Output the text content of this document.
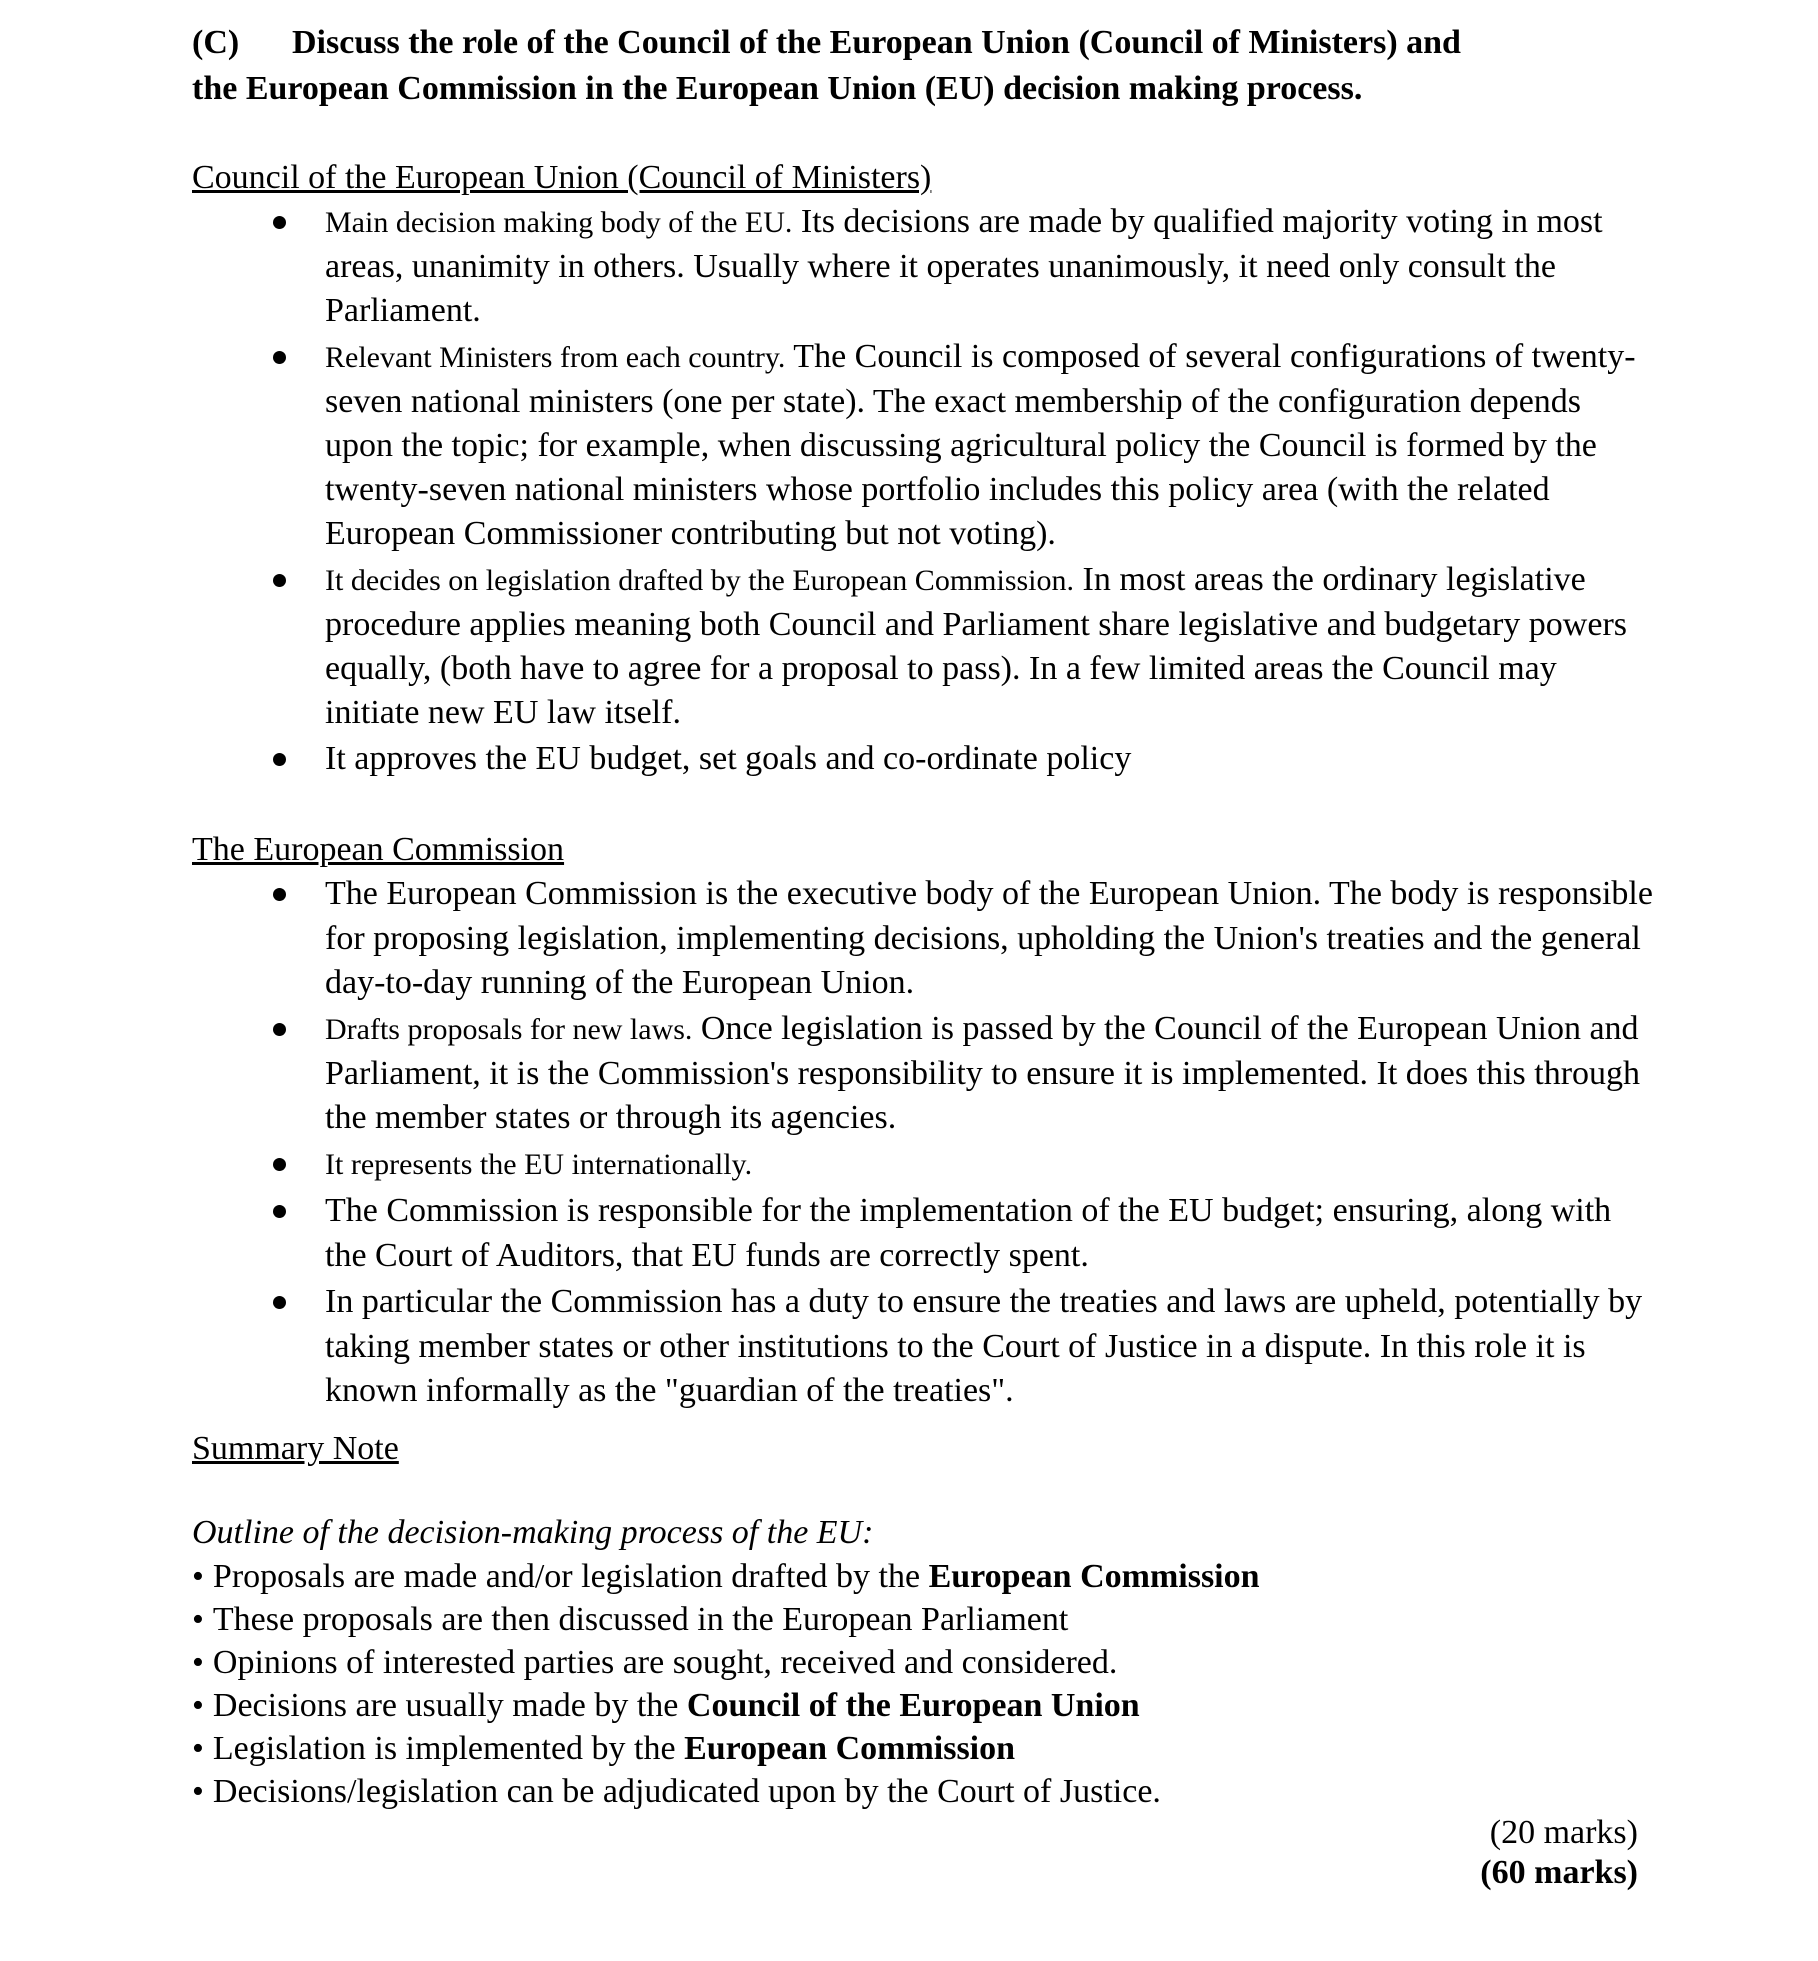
(C) Discuss the role of the Council of the European Union (Council of Ministers) and
the European Commission in the European Union (EU) decision making process.
Council of the European Union (Council of Ministers)
Main decision making body of the EU. Its decisions are made by qualified majority voting in most areas, unanimity in others. Usually where it operates unanimously, it need only consult the Parliament.
Relevant Ministers from each country. The Council is composed of several configurations of twenty-seven national ministers (one per state). The exact membership of the configuration depends upon the topic; for example, when discussing agricultural policy the Council is formed by the twenty-seven national ministers whose portfolio includes this policy area (with the related European Commissioner contributing but not voting).
It decides on legislation drafted by the European Commission. In most areas the ordinary legislative procedure applies meaning both Council and Parliament share legislative and budgetary powers equally, (both have to agree for a proposal to pass). In a few limited areas the Council may initiate new EU law itself.
It approves the EU budget, set goals and co-ordinate policy
The European Commission
The European Commission is the executive body of the European Union. The body is responsible for proposing legislation, implementing decisions, upholding the Union's treaties and the general day-to-day running of the European Union.
Drafts proposals for new laws. Once legislation is passed by the Council of the European Union and Parliament, it is the Commission's responsibility to ensure it is implemented. It does this through the member states or through its agencies.
It represents the EU internationally.
The Commission is responsible for the implementation of the EU budget; ensuring, along with the Court of Auditors, that EU funds are correctly spent.
In particular the Commission has a duty to ensure the treaties and laws are upheld, potentially by taking member states or other institutions to the Court of Justice in a dispute. In this role it is known informally as the "guardian of the treaties".
Summary Note

Outline of the decision-making process of the EU:

• Proposals are made and/or legislation drafted by the European Commission
• These proposals are then discussed in the European Parliament
• Opinions of interested parties are sought, received and considered.
• Decisions are usually made by the Council of the European Union
• Legislation is implemented by the European Commission
• Decisions/legislation can be adjudicated upon by the Court of Justice.
(20 marks)
(60 marks)
